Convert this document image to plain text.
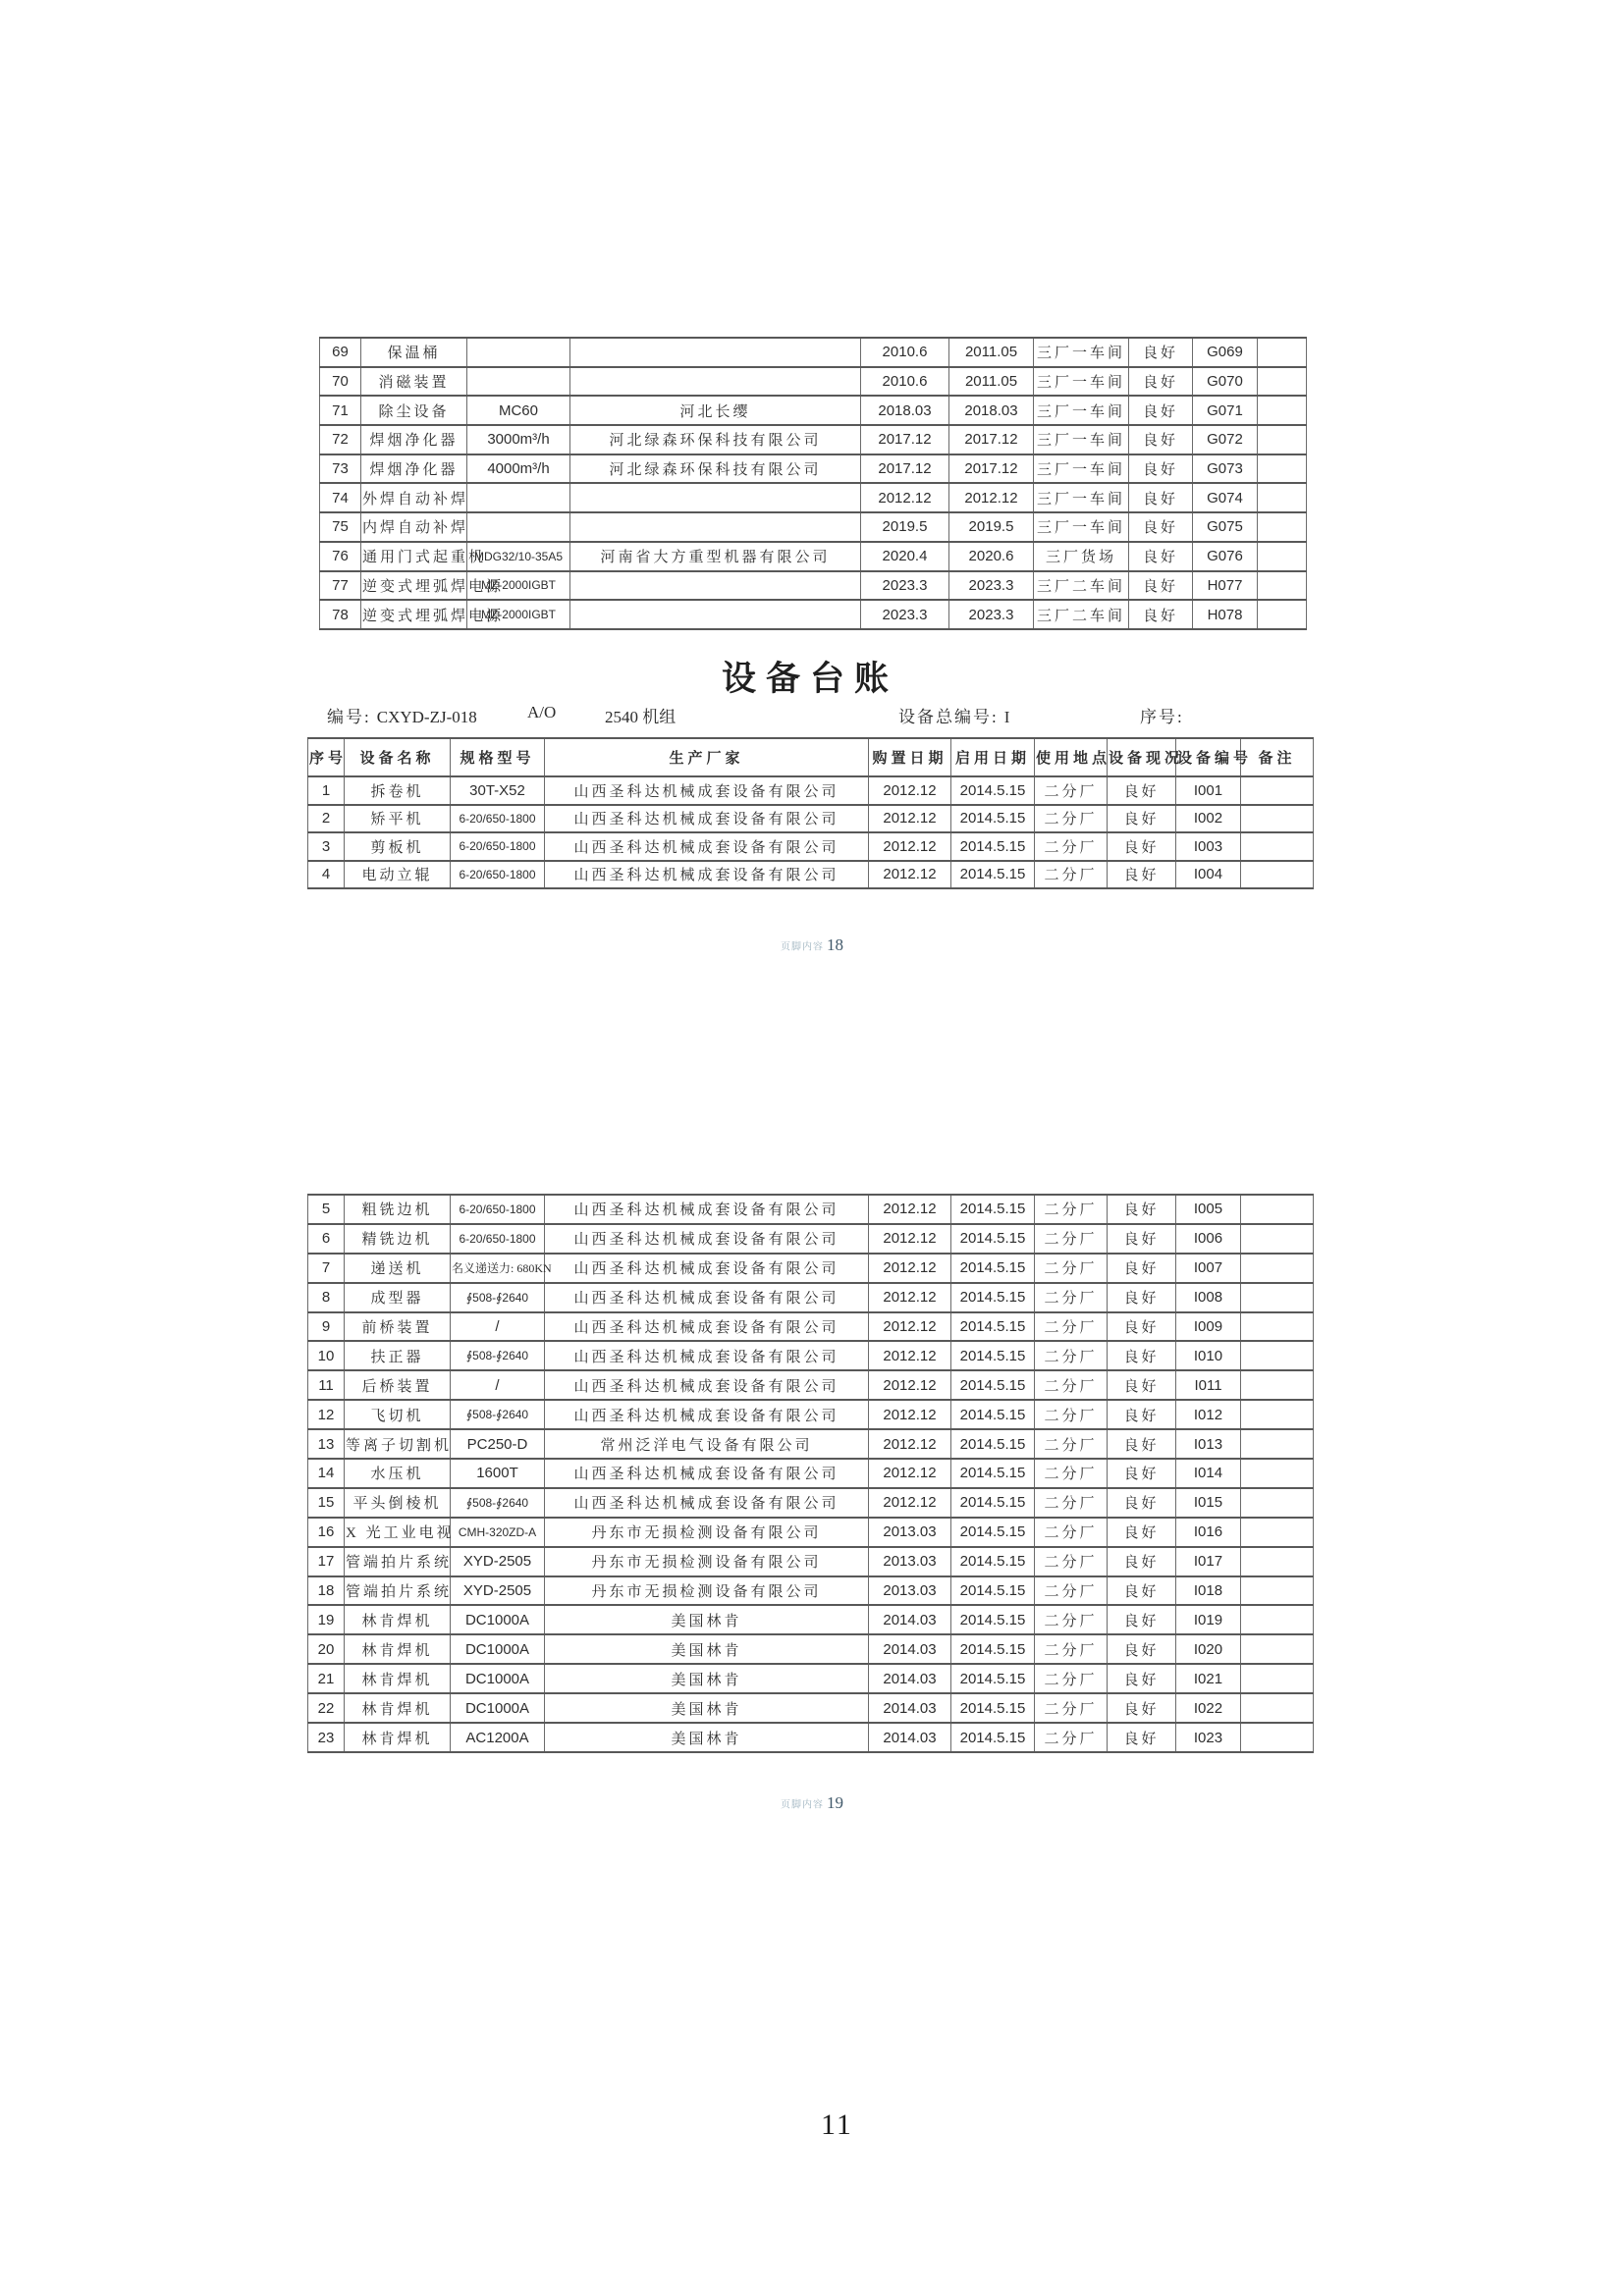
69	保温桶			2010.6	2011.05	三厂一车间	良好	G069	
70	消磁装置			2010.6	2011.05	三厂一车间	良好	G070	
71	除尘设备	MC60	河北长缨	2018.03	2018.03	三厂一车间	良好	G071	
72	焊烟净化器	3000m³/h	河北绿森环保科技有限公司	2017.12	2017.12	三厂一车间	良好	G072	
73	焊烟净化器	4000m³/h	河北绿森环保科技有限公司	2017.12	2017.12	三厂一车间	良好	G073	
74	外焊自动补焊			2012.12	2012.12	三厂一车间	良好	G074	
75	内焊自动补焊			2019.5	2019.5	三厂一车间	良好	G075	
76	通用门式起重机	MDG32/10-35A5	河南省大方重型机器有限公司	2020.4	2020.6	三厂货场	良好	G076	
77	逆变式埋弧焊电源	MZ-2000IGBT		2023.3	2023.3	三厂二车间	良好	H077	
78	逆变式埋弧焊电源	MZ-2000IGBT		2023.3	2023.3	三厂二车间	良好	H078	
设备台账
编号: CXYD-ZJ-018	A/O	2540 机组	设备总编号: I	序号:
序号	设备名称	规格型号	生产厂家	购置日期	启用日期	使用地点	设备现况	设备编号	备注
1	拆卷机	30T-X52	山西圣科达机械成套设备有限公司	2012.12	2014.5.15	二分厂	良好	I001	
2	矫平机	6-20/650-1800	山西圣科达机械成套设备有限公司	2012.12	2014.5.15	二分厂	良好	I002	
3	剪板机	6-20/650-1800	山西圣科达机械成套设备有限公司	2012.12	2014.5.15	二分厂	良好	I003	
4	电动立辊	6-20/650-1800	山西圣科达机械成套设备有限公司	2012.12	2014.5.15	二分厂	良好	I004	
页脚内容 18
5	粗铣边机	6-20/650-1800	山西圣科达机械成套设备有限公司	2012.12	2014.5.15	二分厂	良好	I005	
6	精铣边机	6-20/650-1800	山西圣科达机械成套设备有限公司	2012.12	2014.5.15	二分厂	良好	I006	
7	递送机	名义递送力: 680KN	山西圣科达机械成套设备有限公司	2012.12	2014.5.15	二分厂	良好	I007	
8	成型器	∮508-∮2640	山西圣科达机械成套设备有限公司	2012.12	2014.5.15	二分厂	良好	I008	
9	前桥装置	/	山西圣科达机械成套设备有限公司	2012.12	2014.5.15	二分厂	良好	I009	
10	扶正器	∮508-∮2640	山西圣科达机械成套设备有限公司	2012.12	2014.5.15	二分厂	良好	I010	
11	后桥装置	/	山西圣科达机械成套设备有限公司	2012.12	2014.5.15	二分厂	良好	I011	
12	飞切机	∮508-∮2640	山西圣科达机械成套设备有限公司	2012.12	2014.5.15	二分厂	良好	I012	
13	等离子切割机	PC250-D	常州泛洋电气设备有限公司	2012.12	2014.5.15	二分厂	良好	I013	
14	水压机	1600T	山西圣科达机械成套设备有限公司	2012.12	2014.5.15	二分厂	良好	I014	
15	平头倒棱机	∮508-∮2640	山西圣科达机械成套设备有限公司	2012.12	2014.5.15	二分厂	良好	I015	
16	X 光工业电视	CMH-320ZD-A	丹东市无损检测设备有限公司	2013.03	2014.5.15	二分厂	良好	I016	
17	管端拍片系统	XYD-2505	丹东市无损检测设备有限公司	2013.03	2014.5.15	二分厂	良好	I017	
18	管端拍片系统	XYD-2505	丹东市无损检测设备有限公司	2013.03	2014.5.15	二分厂	良好	I018	
19	林肯焊机	DC1000A	美国林肯	2014.03	2014.5.15	二分厂	良好	I019	
20	林肯焊机	DC1000A	美国林肯	2014.03	2014.5.15	二分厂	良好	I020	
21	林肯焊机	DC1000A	美国林肯	2014.03	2014.5.15	二分厂	良好	I021	
22	林肯焊机	DC1000A	美国林肯	2014.03	2014.5.15	二分厂	良好	I022	
23	林肯焊机	AC1200A	美国林肯	2014.03	2014.5.15	二分厂	良好	I023	
页脚内容 19
11
